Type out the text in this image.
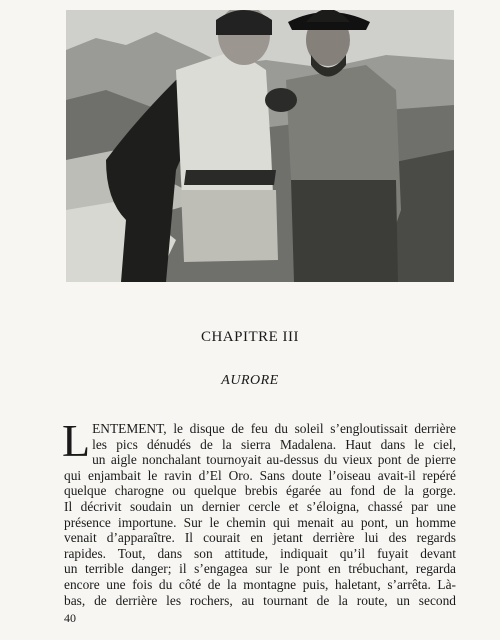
CHAPITRE III
AURORE
L ENTEMENT, le disque de feu du soleil s’engloutissait derrière
les pics dénudés de la sierra Madalena. Haut dans le ciel,
un aigle nonchalant tournoyait au-dessus du vieux pont de pierre
qui enjambait le ravin d’El Oro. Sans doute l’oiseau avait-il repéré
quelque charogne ou quelque brebis égarée au fond de la gorge.
Il décrivit soudain un dernier cercle et s’éloigna, chassé par une
présence importune. Sur le chemin qui menait au pont, un homme
venait d’apparaître. Il courait en jetant derrière lui des regards
rapides. Tout, dans son attitude, indiquait qu’il fuyait devant
un terrible danger; il s’engagea sur le pont en trébuchant, regarda
encore une fois du côté de la montagne puis, haletant, s’arrêta. Là-
bas, de derrière les rochers, au tournant de la route, un second
40
